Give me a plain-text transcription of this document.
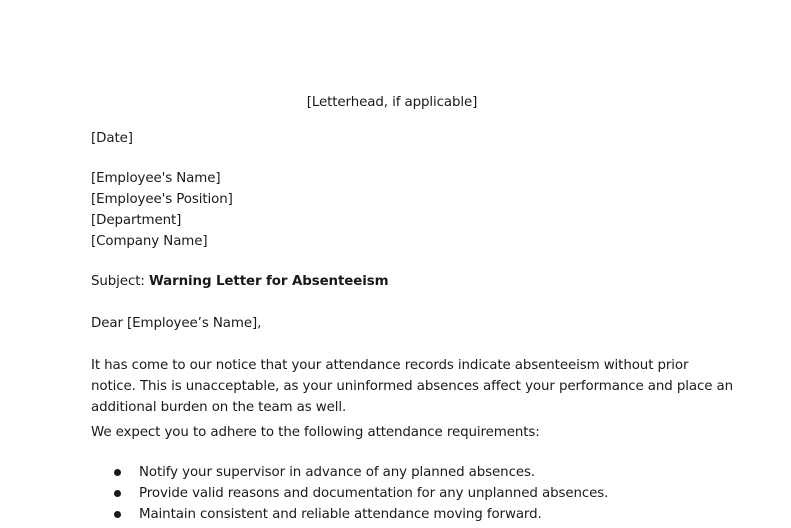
[Letterhead, if applicable]
[Date]
[Employee's Name]
[Employee's Position]
[Department]
[Company Name]
Subject: Warning Letter for Absenteeism
Dear [Employee’s Name],
It has come to our notice that your attendance records indicate absenteeism without prior
notice. This is unacceptable, as your uninformed absences affect your performance and place an
additional burden on the team as well.
We expect you to adhere to the following attendance requirements:
Notify your supervisor in advance of any planned absences.
Provide valid reasons and documentation for any unplanned absences.
Maintain consistent and reliable attendance moving forward.
